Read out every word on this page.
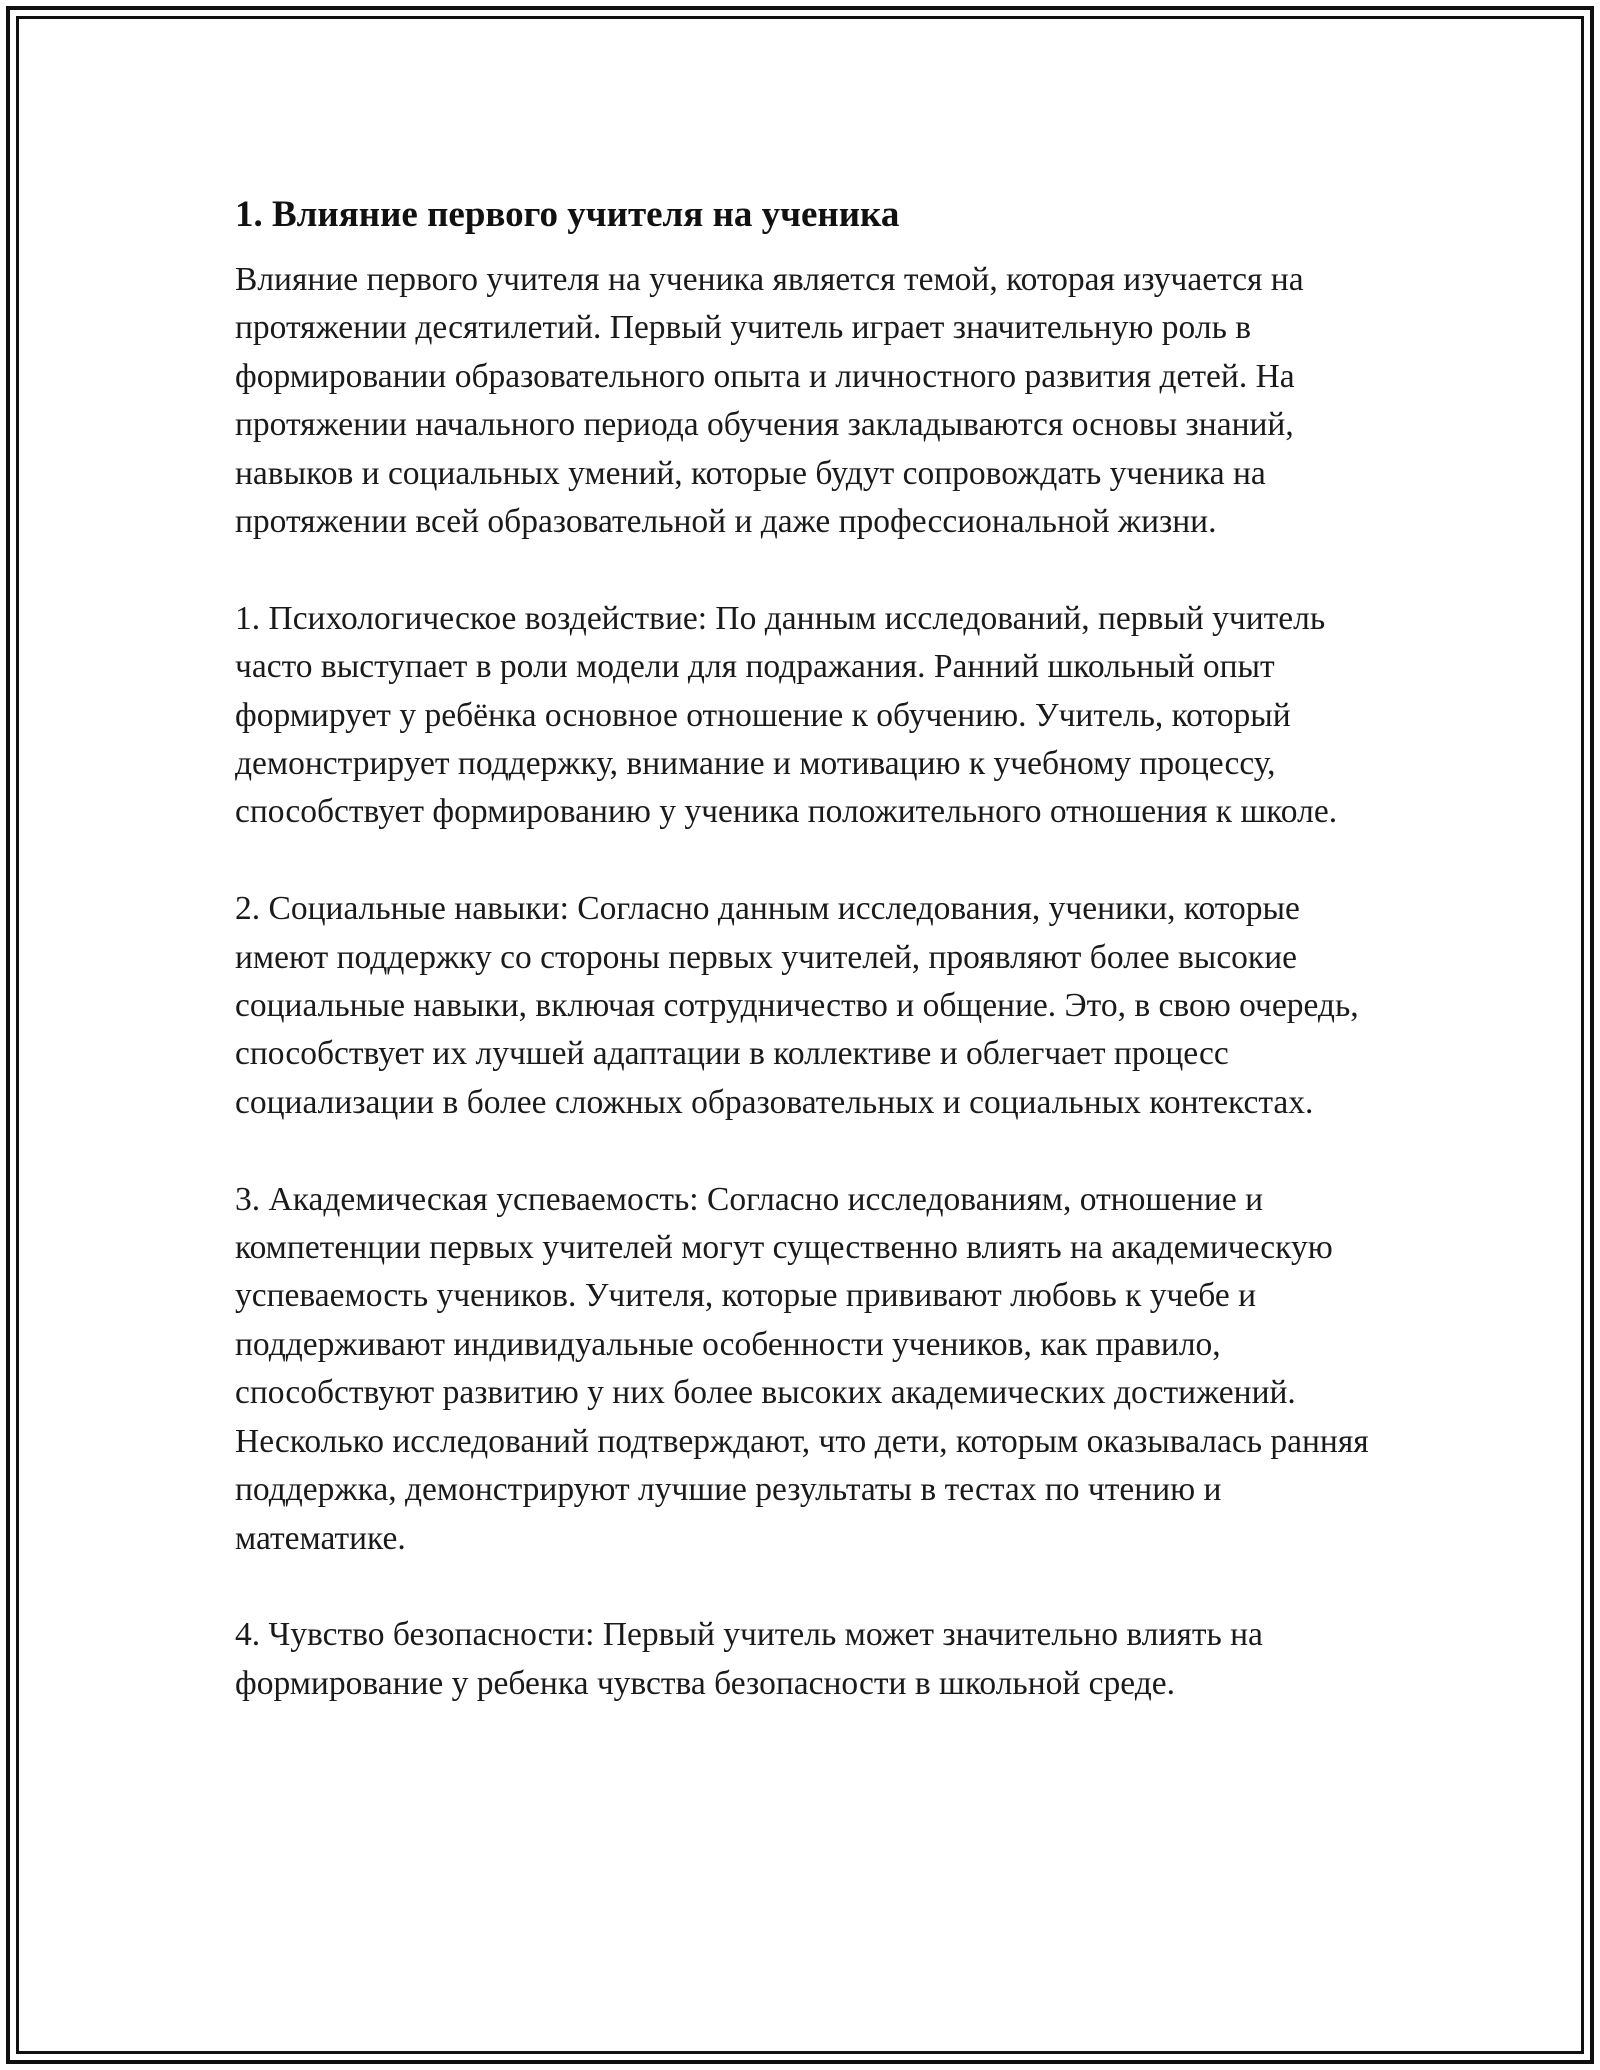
1. Влияние первого учителя на ученика

Влияние первого учителя на ученика является темой, которая изучается на протяжении десятилетий. Первый учитель играет значительную роль в формировании образовательного опыта и личностного развития детей. На протяжении начального периода обучения закладываются основы знаний, навыков и социальных умений, которые будут сопровождать ученика на протяжении всей образовательной и даже профессиональной жизни.

1. Психологическое воздействие: По данным исследований, первый учитель часто выступает в роли модели для подражания. Ранний школьный опыт формирует у ребёнка основное отношение к обучению. Учитель, который демонстрирует поддержку, внимание и мотивацию к учебному процессу, способствует формированию у ученика положительного отношения к школе.

2. Социальные навыки: Согласно данным исследования, ученики, которые имеют поддержку со стороны первых учителей, проявляют более высокие социальные навыки, включая сотрудничество и общение. Это, в свою очередь, способствует их лучшей адаптации в коллективе и облегчает процесс социализации в более сложных образовательных и социальных контекстах.

3. Академическая успеваемость: Согласно исследованиям, отношение и компетенции первых учителей могут существенно влиять на академическую успеваемость учеников. Учителя, которые прививают любовь к учебе и поддерживают индивидуальные особенности учеников, как правило, способствуют развитию у них более высоких академических достижений. Несколько исследований подтверждают, что дети, которым оказывалась ранняя поддержка, демонстрируют лучшие результаты в тестах по чтению и математике.

4. Чувство безопасности: Первый учитель может значительно влиять на формирование у ребенка чувства безопасности в школьной среде.
